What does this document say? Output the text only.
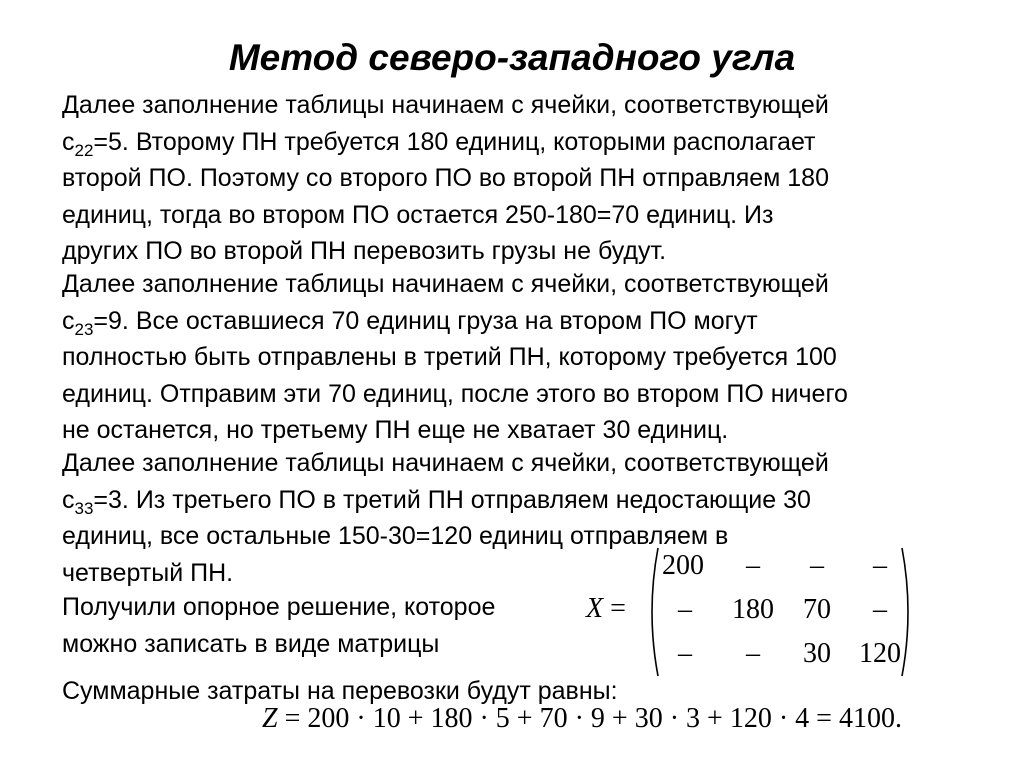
Метод северо-западного угла
Далее заполнение таблицы начинаем с ячейки, соответствующей
$с_{22}=5$. Второму ПН требуется 180 единиц, которыми располагает
второй ПО. Поэтому со второго ПО во второй ПН отправляем 180
единиц, тогда во втором ПО остается 250-180=70 единиц. Из
других ПО во второй ПН перевозить грузы не будут.
Далее заполнение таблицы начинаем с ячейки, соответствующей
$с_{23}=9$. Все оставшиеся 70 единиц груза на втором ПО могут
полностью быть отправлены в третий ПН, которому требуется 100
единиц. Отправим эти 70 единиц, после этого во втором ПО ничего
не останется, но третьему ПН еще не хватает 30 единиц.
Далее заполнение таблицы начинаем с ячейки, соответствующей
$с_{33}=3$. Из третьего ПО в третий ПН отправляем недостающие 30
единиц, все остальные 150-30=120 единиц отправляем в
четвертый ПН.
Получили опорное решение, которое
можно записать в виде матрицы
X =
200	–	–	–
–	180	70	–
–	–	30	120
Суммарные затраты на перевозки будут равны:
Z = 200 · 10 + 180 · 5 + 70 · 9 + 30 · 3 + 120 · 4 = 4100.
